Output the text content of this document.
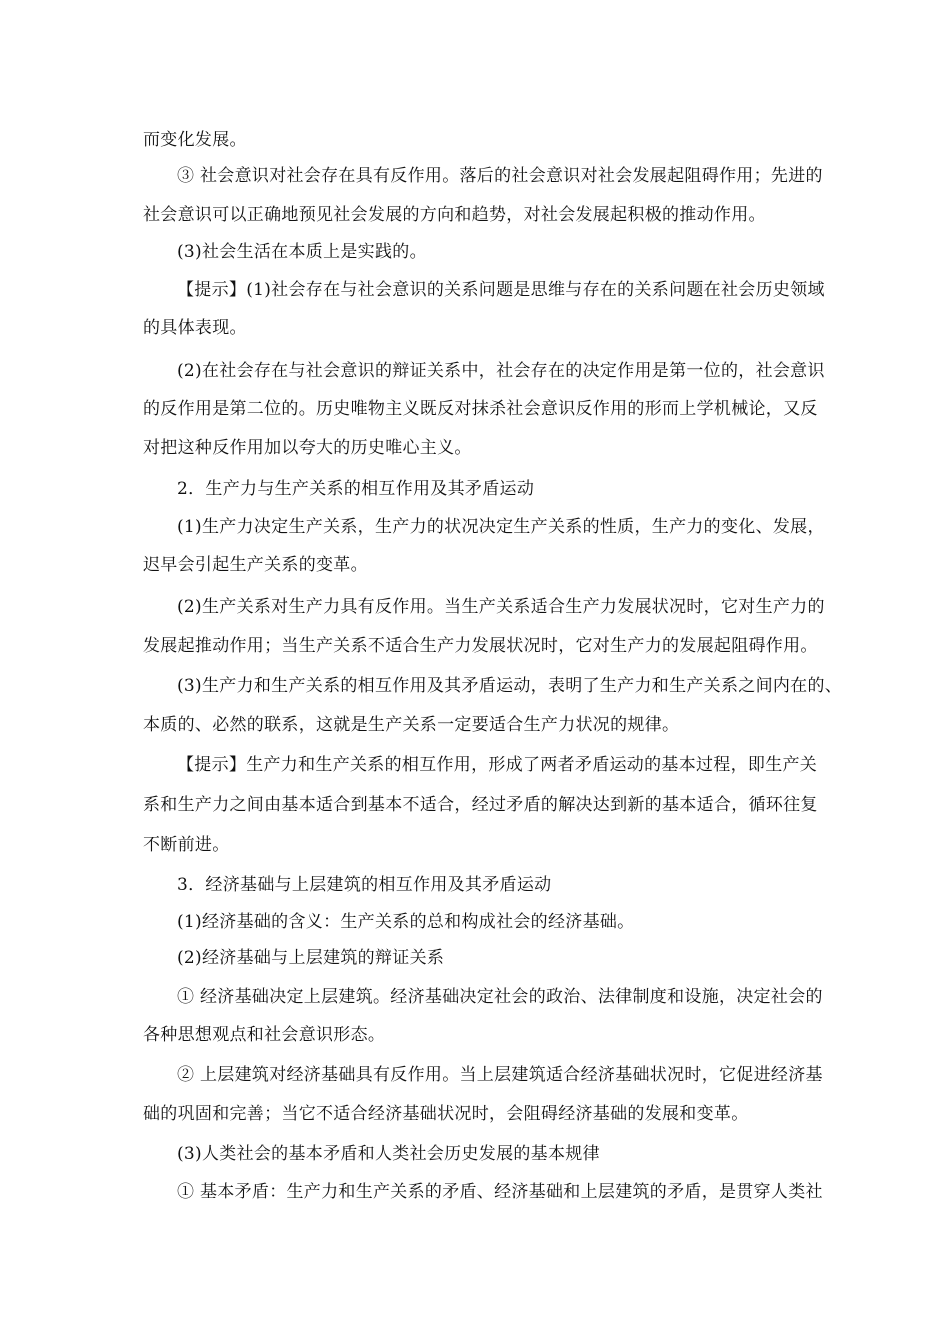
而变化发展。
③ 社会意识对社会存在具有反作用。落后的社会意识对社会发展起阻碍作用；先进的
社会意识可以正确地预见社会发展的方向和趋势，对社会发展起积极的推动作用。
(3)社会生活在本质上是实践的。
【提示】(1)社会存在与社会意识的关系问题是思维与存在的关系问题在社会历史领域
的具体表现。
(2)在社会存在与社会意识的辩证关系中，社会存在的决定作用是第一位的，社会意识
的反作用是第二位的。历史唯物主义既反对抹杀社会意识反作用的形而上学机械论，又反
对把这种反作用加以夸大的历史唯心主义。
2．生产力与生产关系的相互作用及其矛盾运动
(1)生产力决定生产关系，生产力的状况决定生产关系的性质，生产力的变化、发展，
迟早会引起生产关系的变革。
(2)生产关系对生产力具有反作用。当生产关系适合生产力发展状况时，它对生产力的
发展起推动作用；当生产关系不适合生产力发展状况时，它对生产力的发展起阻碍作用。
(3)生产力和生产关系的相互作用及其矛盾运动，表明了生产力和生产关系之间内在的、
本质的、必然的联系，这就是生产关系一定要适合生产力状况的规律。
【提示】生产力和生产关系的相互作用，形成了两者矛盾运动的基本过程，即生产关
系和生产力之间由基本适合到基本不适合，经过矛盾的解决达到新的基本适合，循环往复
不断前进。
3．经济基础与上层建筑的相互作用及其矛盾运动
(1)经济基础的含义：生产关系的总和构成社会的经济基础。
(2)经济基础与上层建筑的辩证关系
① 经济基础决定上层建筑。经济基础决定社会的政治、法律制度和设施，决定社会的
各种思想观点和社会意识形态。
② 上层建筑对经济基础具有反作用。当上层建筑适合经济基础状况时，它促进经济基
础的巩固和完善；当它不适合经济基础状况时，会阻碍经济基础的发展和变革。
(3)人类社会的基本矛盾和人类社会历史发展的基本规律
① 基本矛盾：生产力和生产关系的矛盾、经济基础和上层建筑的矛盾，是贯穿人类社
